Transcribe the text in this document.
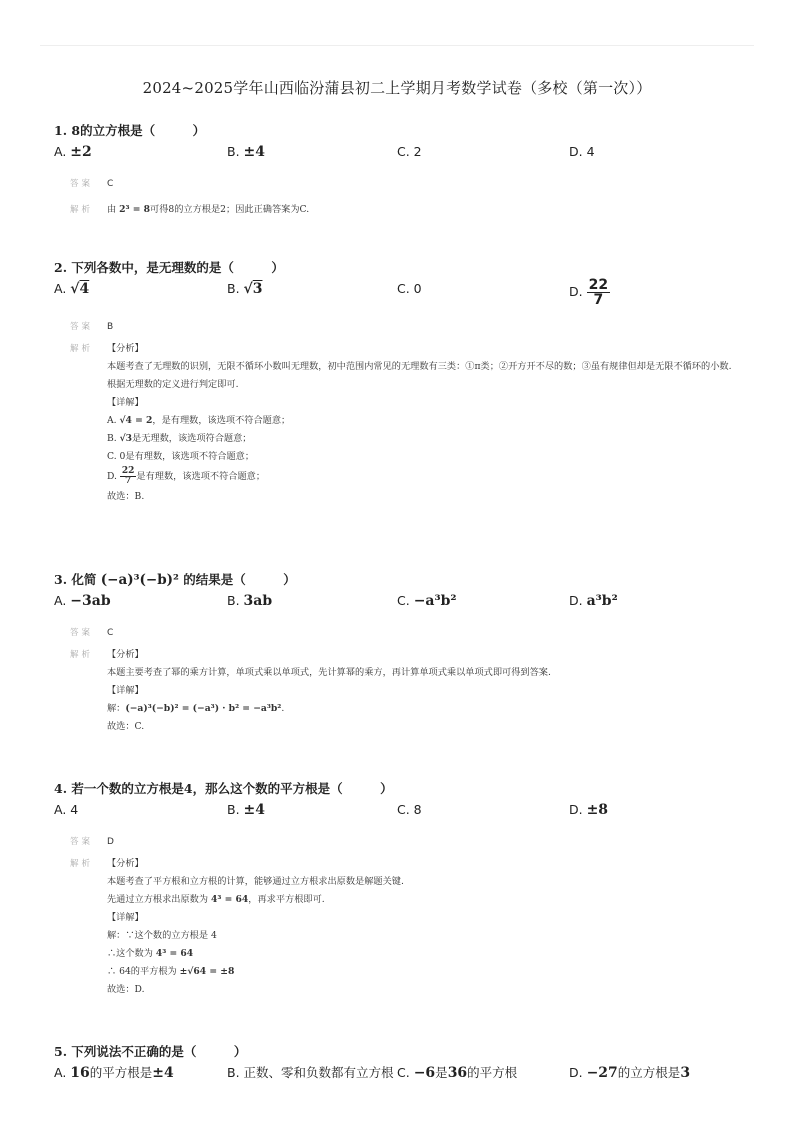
2024~2025学年山西临汾蒲县初二上学期月考数学试卷（多校（第一次））
1. 8的立方根是（　　　）
A. ±2	B. ±4	C. 2	D. 4
答案 C
解析 由 2³ = 8可得8的立方根是2；因此正确答案为C.
2. 下列各数中，是无理数的是（　　　）
A. √4	B. √3	C. 0	D. $\frac{22}{7}$
答案 B
解析 【分析】
本题考查了无理数的识别，无限不循环小数叫无理数，初中范围内常见的无理数有三类：①π类；②开方开不尽的数；③虽有规律但却是无限不循环的小数.
根据无理数的定义进行判定即可.
【详解】
A. √4 = 2，是有理数，该选项不符合题意；
B. √3是无理数，该选项符合题意；
C. 0是有理数，该选项不符合题意；
D. $\frac{22}{7}$ 是有理数，该选项不符合题意；
故选：B.
3. 化简 (−a)³(−b)² 的结果是（　　　）
A. −3ab	B. 3ab	C. −a³b²	D. a³b²
答案 C
解析 【分析】
本题主要考查了幂的乘方计算，单项式乘以单项式，先计算幂的乘方，再计算单项式乘以单项式即可得到答案.
【详解】
解：(−a)³(−b)² = (−a³) · b² = −a³b².
故选：C.
4. 若一个数的立方根是4，那么这个数的平方根是（　　　）
A. 4	B. ±4	C. 8	D. ±8
答案 D
解析 【分析】
本题考查了平方根和立方根的计算，能够通过立方根求出原数是解题关键.
先通过立方根求出原数为 4³ = 64，再求平方根即可.
【详解】
解：∵这个数的立方根是 4
∴这个数为 4³ = 64
∴ 64的平方根为 ±√64 = ±8
故选：D.
5. 下列说法不正确的是（　　　）
A. 16的平方根是±4	B. 正数、零和负数都有立方根 C. −6是36的平方根	D. −27的立方根是3
